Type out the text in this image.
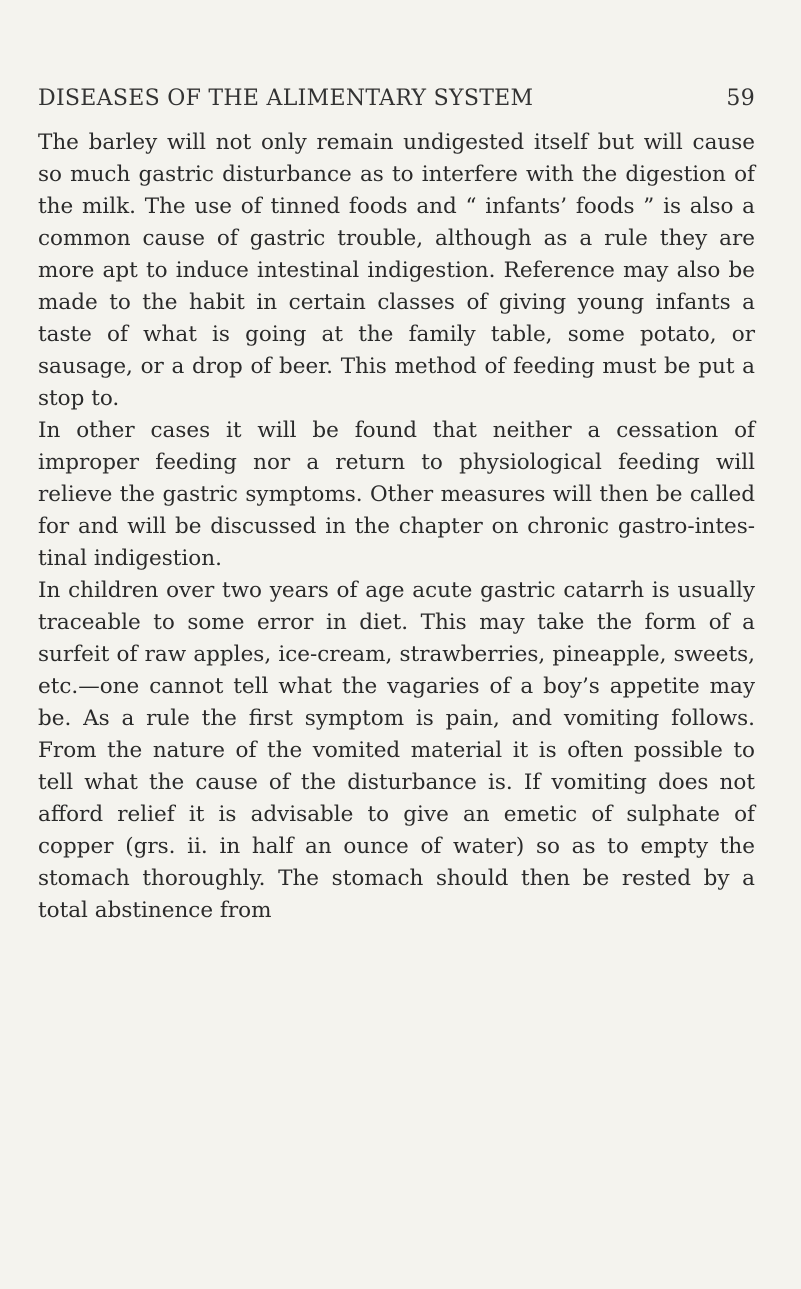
DISEASES OF THE ALIMENTARY SYSTEM	59

The barley will not only remain undigested itself but will cause so much gastric disturbance as to interfere with the digestion of the milk. The use of tinned foods and “ infants’ foods ” is also a common cause of gastric trouble, although as a rule they are more apt to induce intestinal indigestion. Reference may also be made to the habit in certain classes of giving young infants a taste of what is going at the family table, some potato, or sausage, or a drop of beer. This method of feeding must be put a stop to.

In other cases it will be found that neither a cessation of improper feeding nor a return to physiological feeding will relieve the gastric symptoms. Other measures will then be called for and will be discussed in the chapter on chronic gastro-intestinal indigestion.

In children over two years of age acute gastric catarrh is usually traceable to some error in diet. This may take the form of a surfeit of raw apples, ice-cream, strawberries, pineapple, sweets, etc.—one cannot tell what the vagaries of a boy’s appetite may be. As a rule the first symptom is pain, and vomiting follows. From the nature of the vomited material it is often possible to tell what the cause of the disturbance is. If vomiting does not afford relief it is advisable to give an emetic of sulphate of copper (grs. ii. in half an ounce of water) so as to empty the stomach thoroughly. The stomach should then be rested by a total abstinence from
